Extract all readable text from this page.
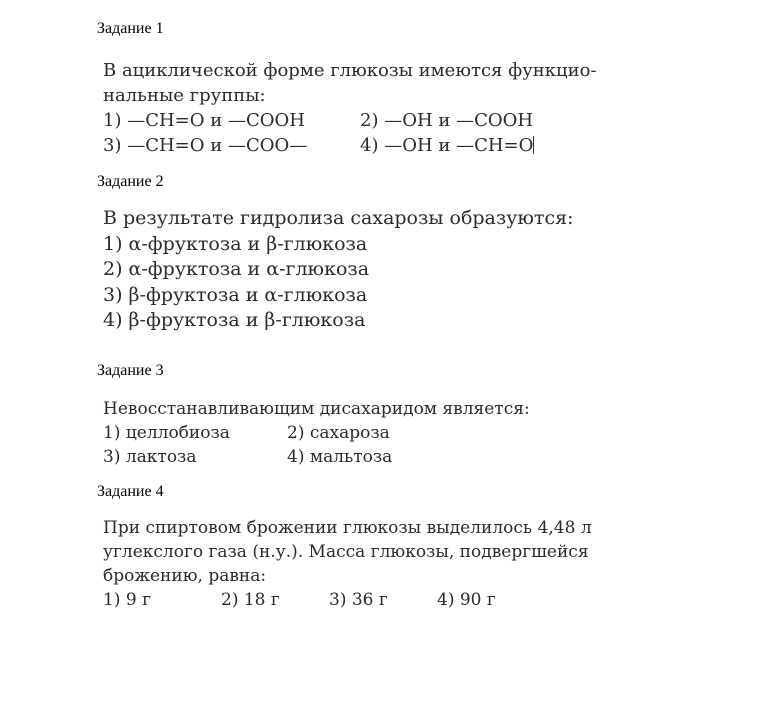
Задание 1
В ациклической форме глюкозы имеются функцио-
нальные группы:
1) —CH=O и —COOH	2) —OH и —COOH
3) —CH=O и —COO—	4) —OH и —CH=O
Задание 2
В результате гидролиза сахарозы образуются:
1) α-фруктоза и β-глюкоза
2) α-фруктоза и α-глюкоза
3) β-фруктоза и α-глюкоза
4) β-фруктоза и β-глюкоза
Задание 3
Невосстанавливающим дисахаридом является:
1) целлобиоза	2) сахароза
3) лактоза	4) мальтоза
Задание 4
При спиртовом брожении глюкозы выделилось 4,48 л
углекслого газа (н.у.). Масса глюкозы, подвергшейся
брожению, равна:
1) 9 г	2) 18 г	3) 36 г	4) 90 г
